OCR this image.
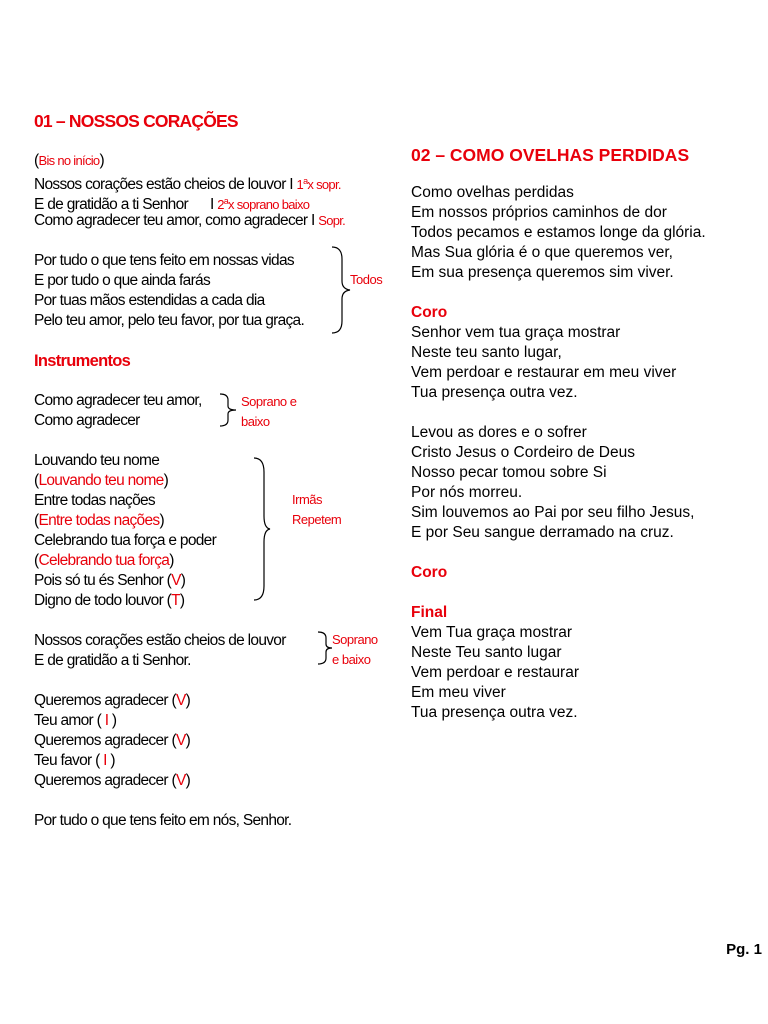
01 – NOSSOS CORAÇÕES
(Bis no início)
Nossos corações estão cheios de louvor I 1$^a$x sopr.
E de gratidão a ti Senhor I 2$^a$x soprano baixo
Como agradecer teu amor, como agradecer I Sopr.
Por tudo o que tens feito em nossas vidas
E por tudo o que ainda farás
Por tuas mãos estendidas a cada dia
Pelo teu amor, pelo teu favor, por tua graça.
Instrumentos
Como agradecer teu amor,
Como agradecer
Louvando teu nome
(Louvando teu nome)
Entre todas nações
(Entre todas nações)
Celebrando tua força e poder
(Celebrando tua força)
Pois só tu és Senhor (V)
Digno de todo louvor (T)
Nossos corações estão cheios de louvor
E de gratidão a ti Senhor.
Queremos agradecer (V)
Teu amor ( I )
Queremos agradecer (V)
Teu favor ( I )
Queremos agradecer (V)
Por tudo o que tens feito em nós, Senhor.
Todos
Soprano e
baixo
Irmãs
Repetem
Soprano
e baixo
02 – COMO OVELHAS PERDIDAS
Como ovelhas perdidas
Em nossos próprios caminhos de dor
Todos pecamos e estamos longe da glória.
Mas Sua glória é o que queremos ver,
Em sua presença queremos sim viver.
Coro
Senhor vem tua graça mostrar
Neste teu santo lugar,
Vem perdoar e restaurar em meu viver
Tua presença outra vez.
Levou as dores e o sofrer
Cristo Jesus o Cordeiro de Deus
Nosso pecar tomou sobre Si
Por nós morreu.
Sim louvemos ao Pai por seu filho Jesus,
E por Seu sangue derramado na cruz.
Coro
Final
Vem Tua graça mostrar
Neste Teu santo lugar
Vem perdoar e restaurar
Em meu viver
Tua presença outra vez.
Pg. 1
